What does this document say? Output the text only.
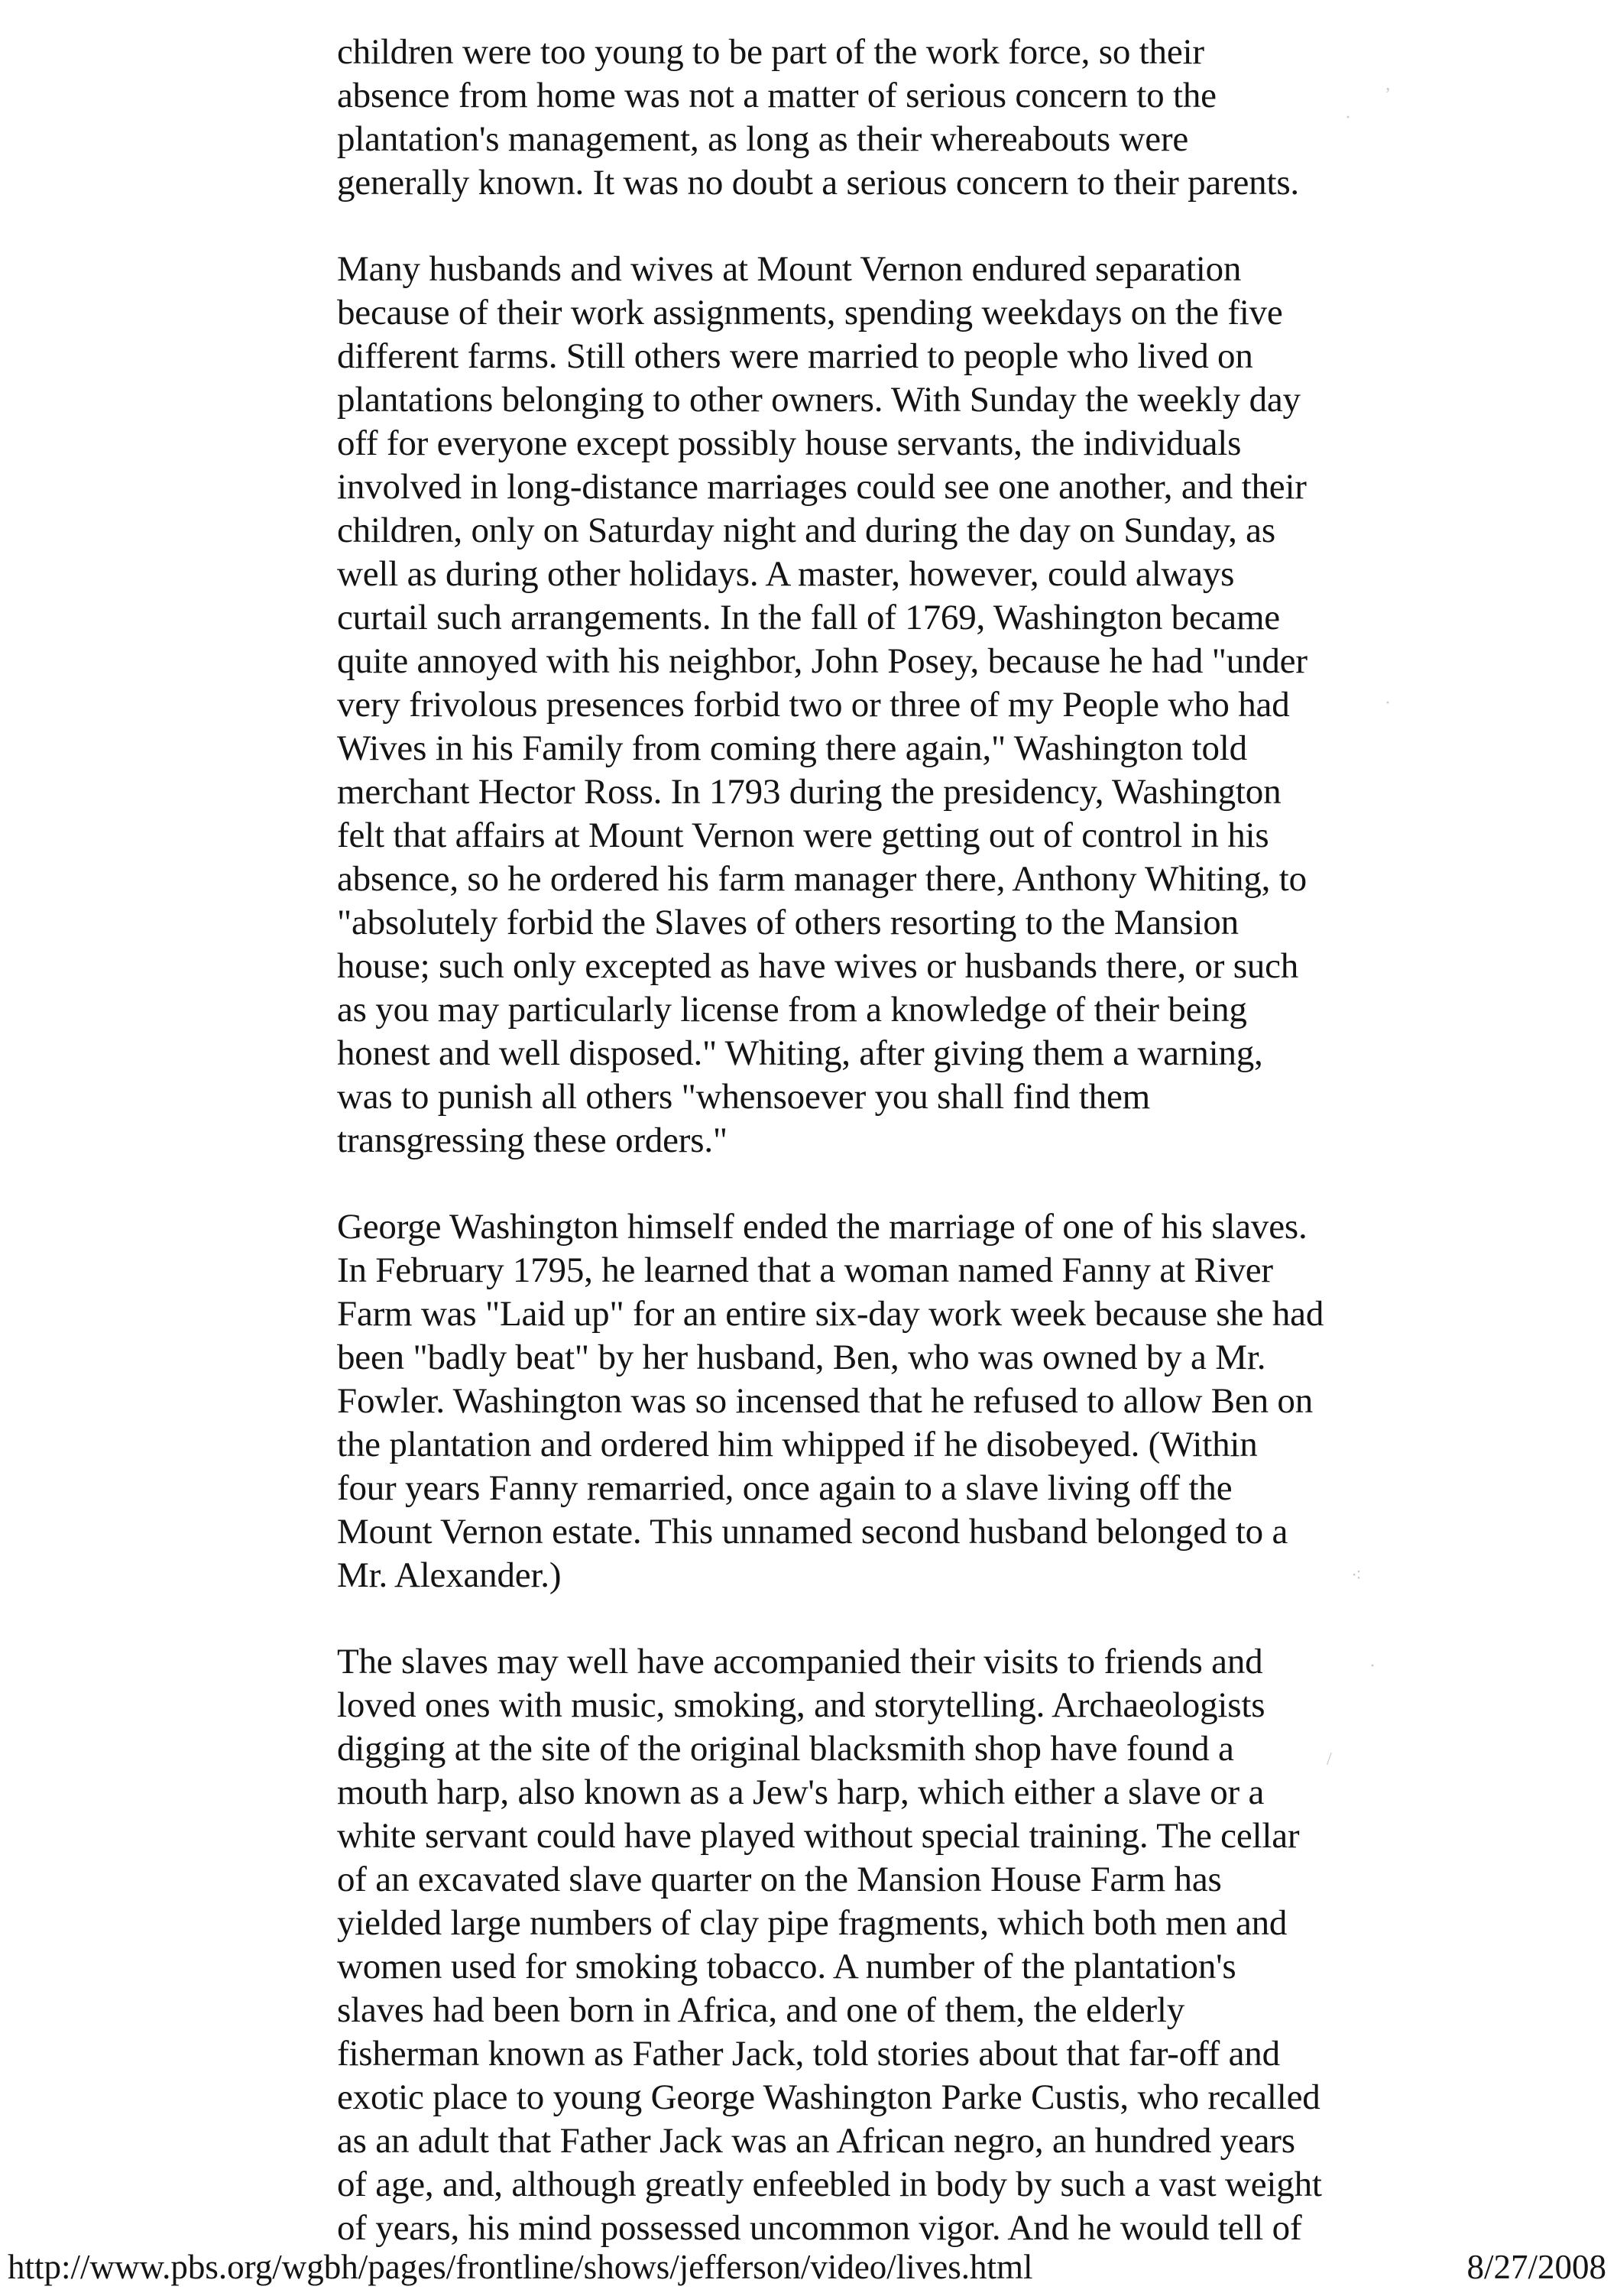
children were too young to be part of the work force, so their
absence from home was not a matter of serious concern to the
plantation's management, as long as their whereabouts were
generally known. It was no doubt a serious concern to their parents.

Many husbands and wives at Mount Vernon endured separation
because of their work assignments, spending weekdays on the five
different farms. Still others were married to people who lived on
plantations belonging to other owners. With Sunday the weekly day
off for everyone except possibly house servants, the individuals
involved in long-distance marriages could see one another, and their
children, only on Saturday night and during the day on Sunday, as
well as during other holidays. A master, however, could always
curtail such arrangements. In the fall of 1769, Washington became
quite annoyed with his neighbor, John Posey, because he had "under
very frivolous presences forbid two or three of my People who had
Wives in his Family from coming there again," Washington told
merchant Hector Ross. In 1793 during the presidency, Washington
felt that affairs at Mount Vernon were getting out of control in his
absence, so he ordered his farm manager there, Anthony Whiting, to
"absolutely forbid the Slaves of others resorting to the Mansion
house; such only excepted as have wives or husbands there, or such
as you may particularly license from a knowledge of their being
honest and well disposed." Whiting, after giving them a warning,
was to punish all others "whensoever you shall find them
transgressing these orders."

George Washington himself ended the marriage of one of his slaves.
In February 1795, he learned that a woman named Fanny at River
Farm was "Laid up" for an entire six-day work week because she had
been "badly beat" by her husband, Ben, who was owned by a Mr.
Fowler. Washington was so incensed that he refused to allow Ben on
the plantation and ordered him whipped if he disobeyed. (Within
four years Fanny remarried, once again to a slave living off the
Mount Vernon estate. This unnamed second husband belonged to a
Mr. Alexander.)

The slaves may well have accompanied their visits to friends and
loved ones with music, smoking, and storytelling. Archaeologists
digging at the site of the original blacksmith shop have found a
mouth harp, also known as a Jew's harp, which either a slave or a
white servant could have played without special training. The cellar
of an excavated slave quarter on the Mansion House Farm has
yielded large numbers of clay pipe fragments, which both men and
women used for smoking tobacco. A number of the plantation's
slaves had been born in Africa, and one of them, the elderly
fisherman known as Father Jack, told stories about that far-off and
exotic place to young George Washington Parke Custis, who recalled
as an adult that Father Jack was an African negro, an hundred years
of age, and, although greatly enfeebled in body by such a vast weight
of years, his mind possessed uncommon vigor. And he would tell of

·
ʼ
·
⁖
·
/
http://www.pbs.org/wgbh/pages/frontline/shows/jefferson/video/lives.html	8/27/2008
